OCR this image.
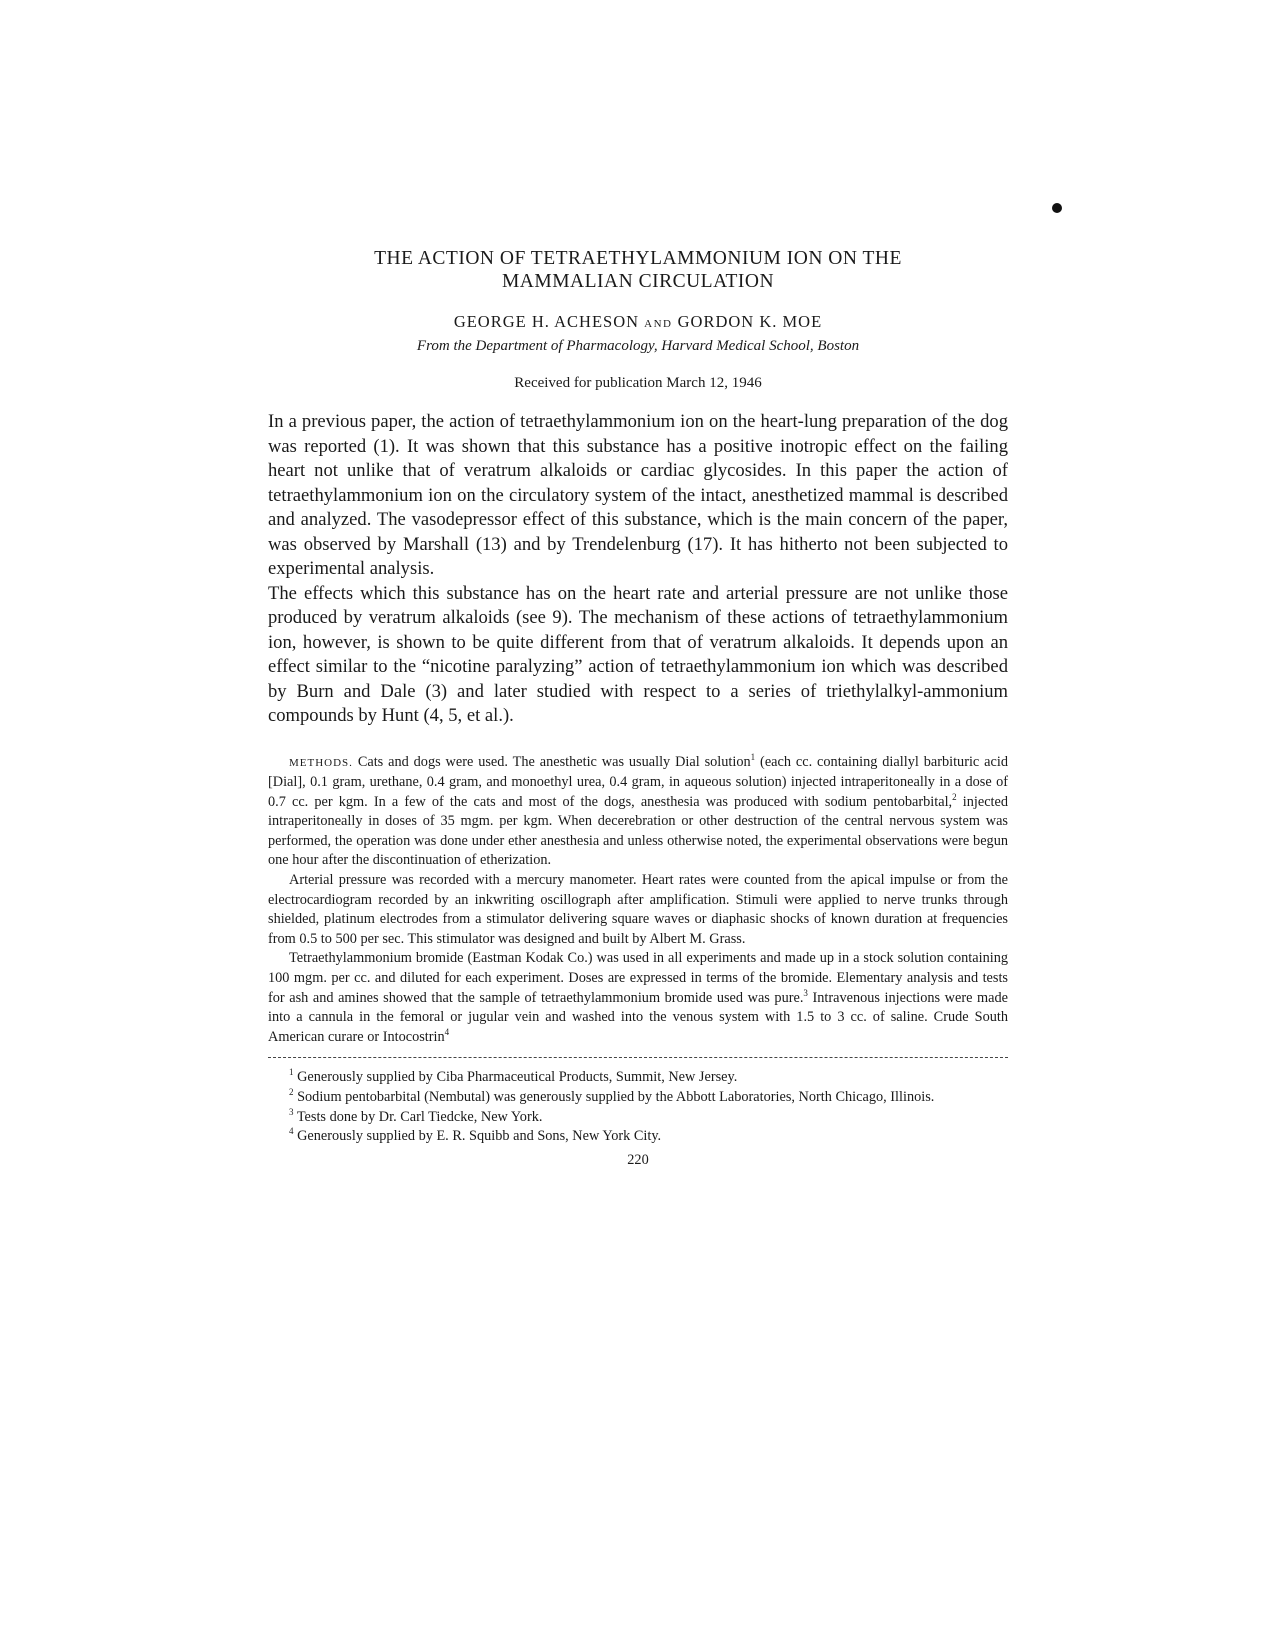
THE ACTION OF TETRAETHYLAMMONIUM ION ON THE
MAMMALIAN CIRCULATION
GEORGE H. ACHESON AND GORDON K. MOE
From the Department of Pharmacology, Harvard Medical School, Boston
Received for publication March 12, 1946

In a previous paper, the action of tetraethylammonium ion on the heart-lung preparation of the dog was reported (1). It was shown that this substance has a positive inotropic effect on the failing heart not unlike that of veratrum alkaloids or cardiac glycosides. In this paper the action of tetraethylammonium ion on the circulatory system of the intact, anesthetized mammal is described and analyzed. The vasodepressor effect of this substance, which is the main concern of the paper, was observed by Marshall (13) and by Trendelenburg (17). It has hitherto not been subjected to experimental analysis.

The effects which this substance has on the heart rate and arterial pressure are not unlike those produced by veratrum alkaloids (see 9). The mechanism of these actions of tetraethylammonium ion, however, is shown to be quite different from that of veratrum alkaloids. It depends upon an effect similar to the “nicotine paralyzing” action of tetraethylammonium ion which was described by Burn and Dale (3) and later studied with respect to a series of triethylalkyl-ammonium compounds by Hunt (4, 5, et al.).

METHODS. Cats and dogs were used. The anesthetic was usually Dial solution$^1$ (each cc. containing diallyl barbituric acid [Dial], 0.1 gram, urethane, 0.4 gram, and monoethyl urea, 0.4 gram, in aqueous solution) injected intraperitoneally in a dose of 0.7 cc. per kgm. In a few of the cats and most of the dogs, anesthesia was produced with sodium pentobarbital,$^2$ injected intraperitoneally in doses of 35 mgm. per kgm. When decerebration or other destruction of the central nervous system was performed, the operation was done under ether anesthesia and unless otherwise noted, the experimental observations were begun one hour after the discontinuation of etherization.

Arterial pressure was recorded with a mercury manometer. Heart rates were counted from the apical impulse or from the electrocardiogram recorded by an inkwriting oscillograph after amplification. Stimuli were applied to nerve trunks through shielded, platinum electrodes from a stimulator delivering square waves or diaphasic shocks of known duration at frequencies from 0.5 to 500 per sec. This stimulator was designed and built by Albert M. Grass.

Tetraethylammonium bromide (Eastman Kodak Co.) was used in all experiments and made up in a stock solution containing 100 mgm. per cc. and diluted for each experiment. Doses are expressed in terms of the bromide. Elementary analysis and tests for ash and amines showed that the sample of tetraethylammonium bromide used was pure.$^3$ Intravenous injections were made into a cannula in the femoral or jugular vein and washed into the venous system with 1.5 to 3 cc. of saline. Crude South American curare or Intocostrin$^4$

$^1$ Generously supplied by Ciba Pharmaceutical Products, Summit, New Jersey.

$^2$ Sodium pentobarbital (Nembutal) was generously supplied by the Abbott Laboratories, North Chicago, Illinois.

$^3$ Tests done by Dr. Carl Tiedcke, New York.

$^4$ Generously supplied by E. R. Squibb and Sons, New York City.

220
